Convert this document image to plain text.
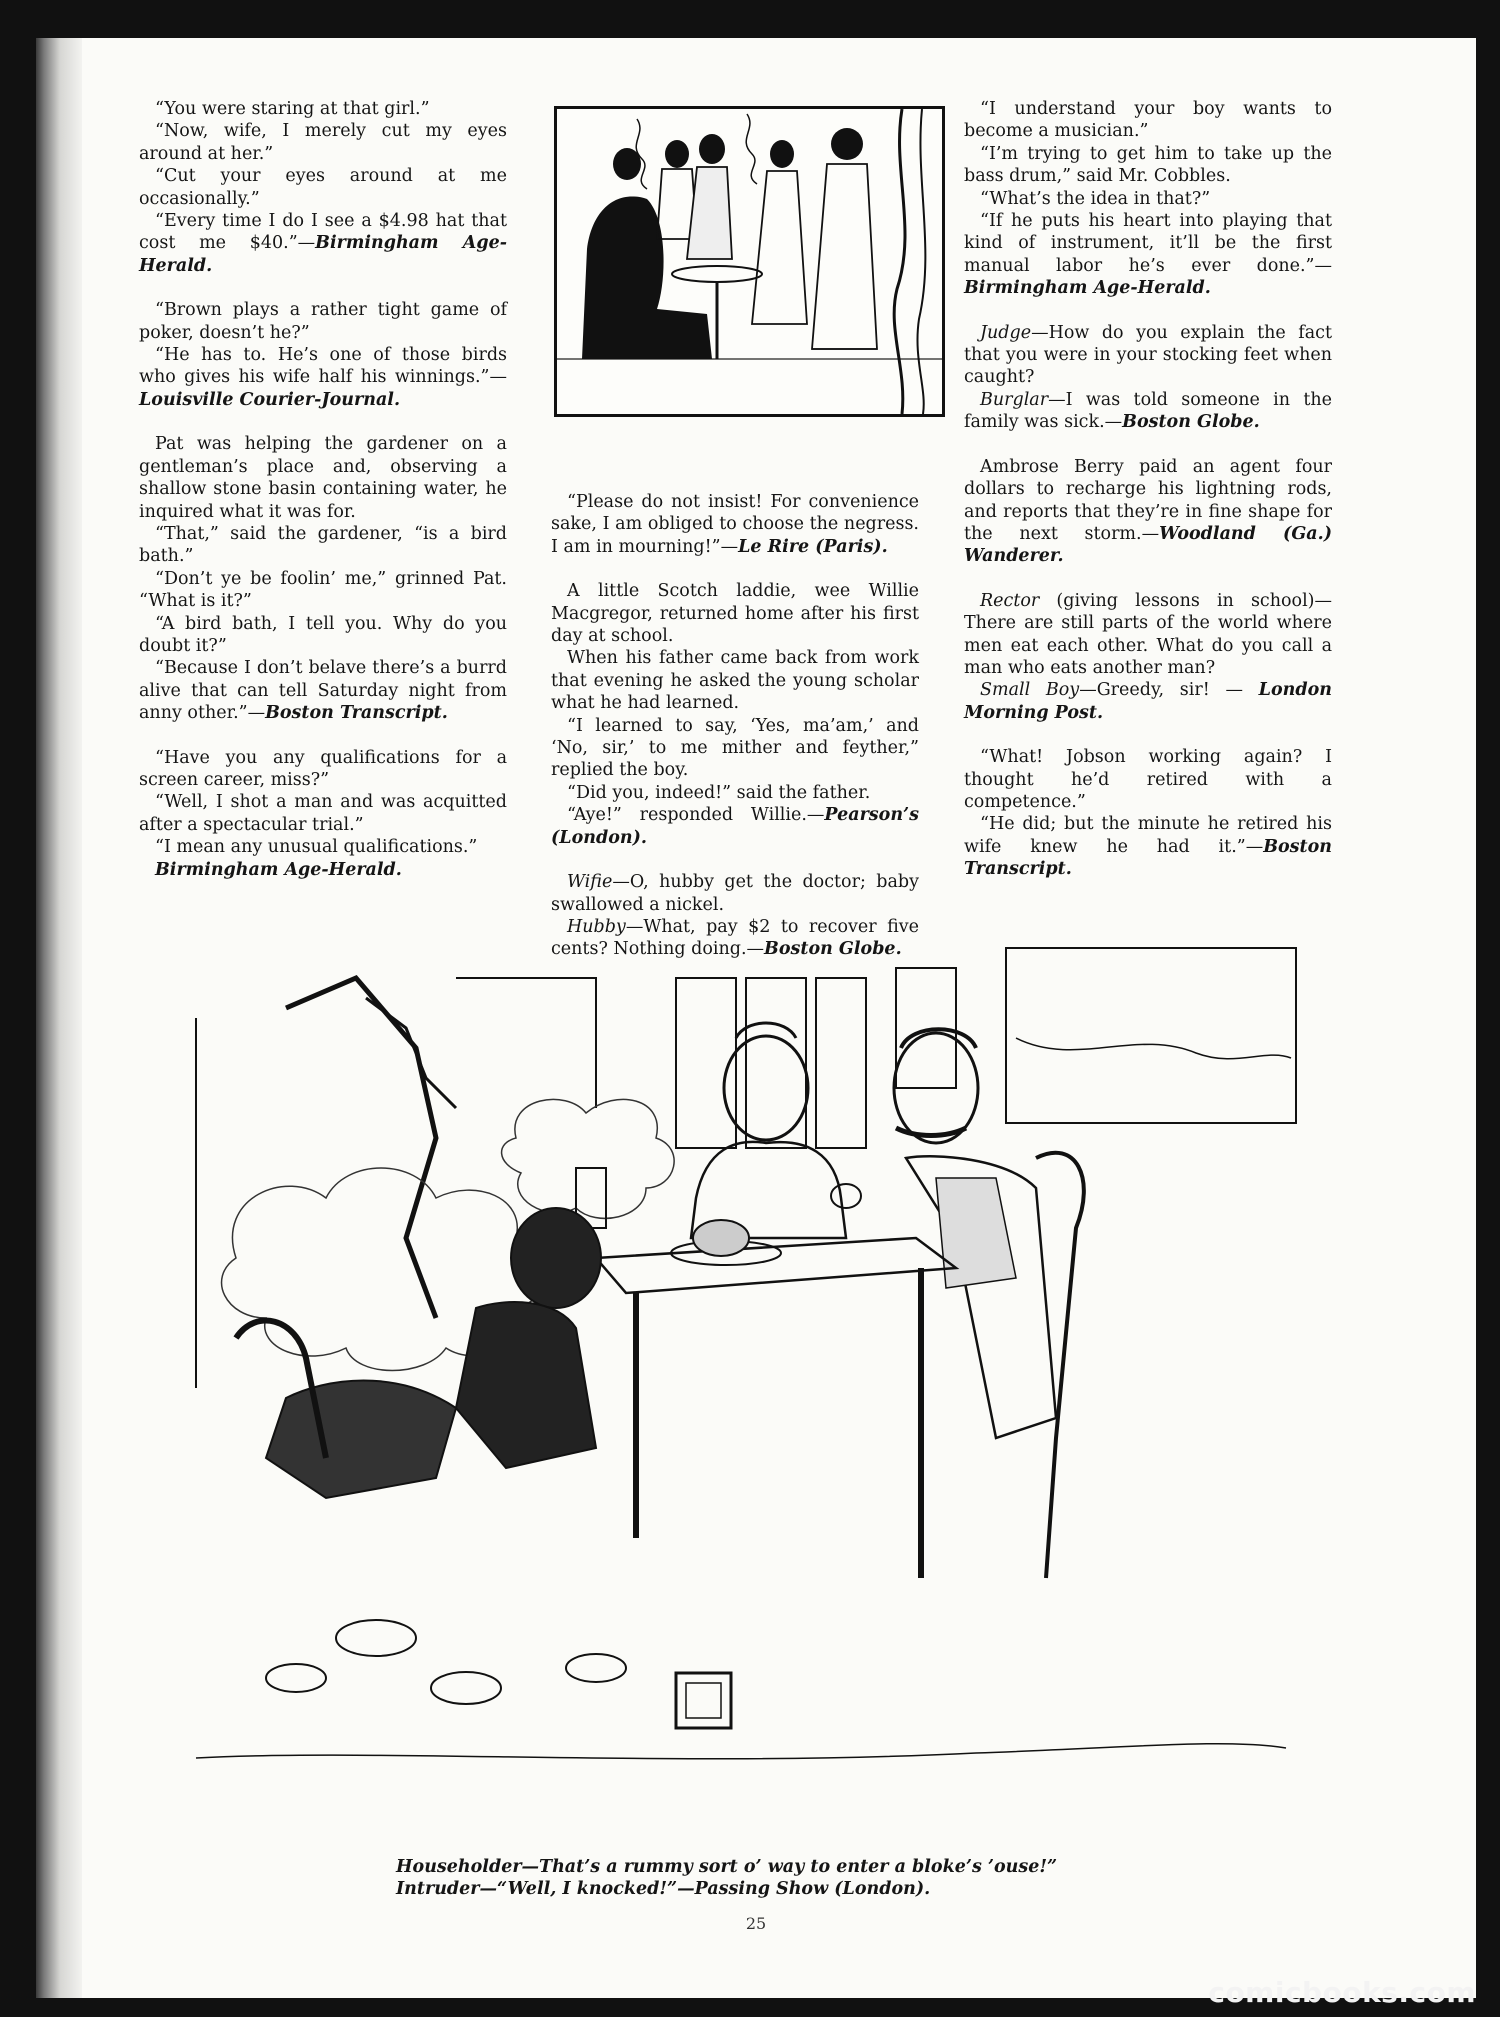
“You were staring at that girl.”

“Now, wife, I merely cut my eyes around at her.”

“Cut your eyes around at me occasionally.”

“Every time I do I see a $4.98 hat that cost me $40.”—Birmingham Age-Herald.

“Brown plays a rather tight game of poker, doesn’t he?”

“He has to. He’s one of those birds who gives his wife half his winnings.”—Louisville Courier-Journal.

Pat was helping the gardener on a gentleman’s place and, observing a shallow stone basin containing water, he inquired what it was for.

“That,” said the gardener, “is a bird bath.”

“Don’t ye be foolin’ me,” grinned Pat. “What is it?”

“A bird bath, I tell you. Why do you doubt it?”

“Because I don’t belave there’s a burrd alive that can tell Saturday night from anny other.”—Boston Transcript.

“Have you any qualifications for a screen career, miss?”

“Well, I shot a man and was acquitted after a spectacular trial.”

“I mean any unusual qualifications.”

Birmingham Age-Herald.

“Please do not insist! For convenience sake, I am obliged to choose the negress. I am in mourning!”—Le Rire (Paris).

A little Scotch laddie, wee Willie Macgregor, returned home after his first day at school.

When his father came back from work that evening he asked the young scholar what he had learned.

“I learned to say, ‘Yes, ma’am,’ and ‘No, sir,’ to me mither and feyther,” replied the boy.

“Did you, indeed!” said the father.

“Aye!” responded Willie.—Pearson’s (London).

Wifie—O, hubby get the doctor; baby swallowed a nickel.

Hubby—What, pay $2 to recover five cents? Nothing doing.—Boston Globe.

“I understand your boy wants to become a musician.”

“I’m trying to get him to take up the bass drum,” said Mr. Cobbles.

“What’s the idea in that?”

“If he puts his heart into playing that kind of instrument, it’ll be the first manual labor he’s ever done.”—Birmingham Age-Herald.

Judge—How do you explain the fact that you were in your stocking feet when caught?

Burglar—I was told someone in the family was sick.—Boston Globe.

Ambrose Berry paid an agent four dollars to recharge his lightning rods, and reports that they’re in fine shape for the next storm.—Woodland (Ga.) Wanderer.

Rector (giving lessons in school)—There are still parts of the world where men eat each other. What do you call a man who eats another man?

Small Boy—Greedy, sir! — London Morning Post.

“What! Jobson working again? I thought he’d retired with a competence.”

“He did; but the minute he retired his wife knew he had it.”—Boston Transcript.

Householder—That’s a rummy sort o’ way to enter a bloke’s ’ouse!”
Intruder—“Well, I knocked!”—Passing Show (London).
25
comicbooks.com
